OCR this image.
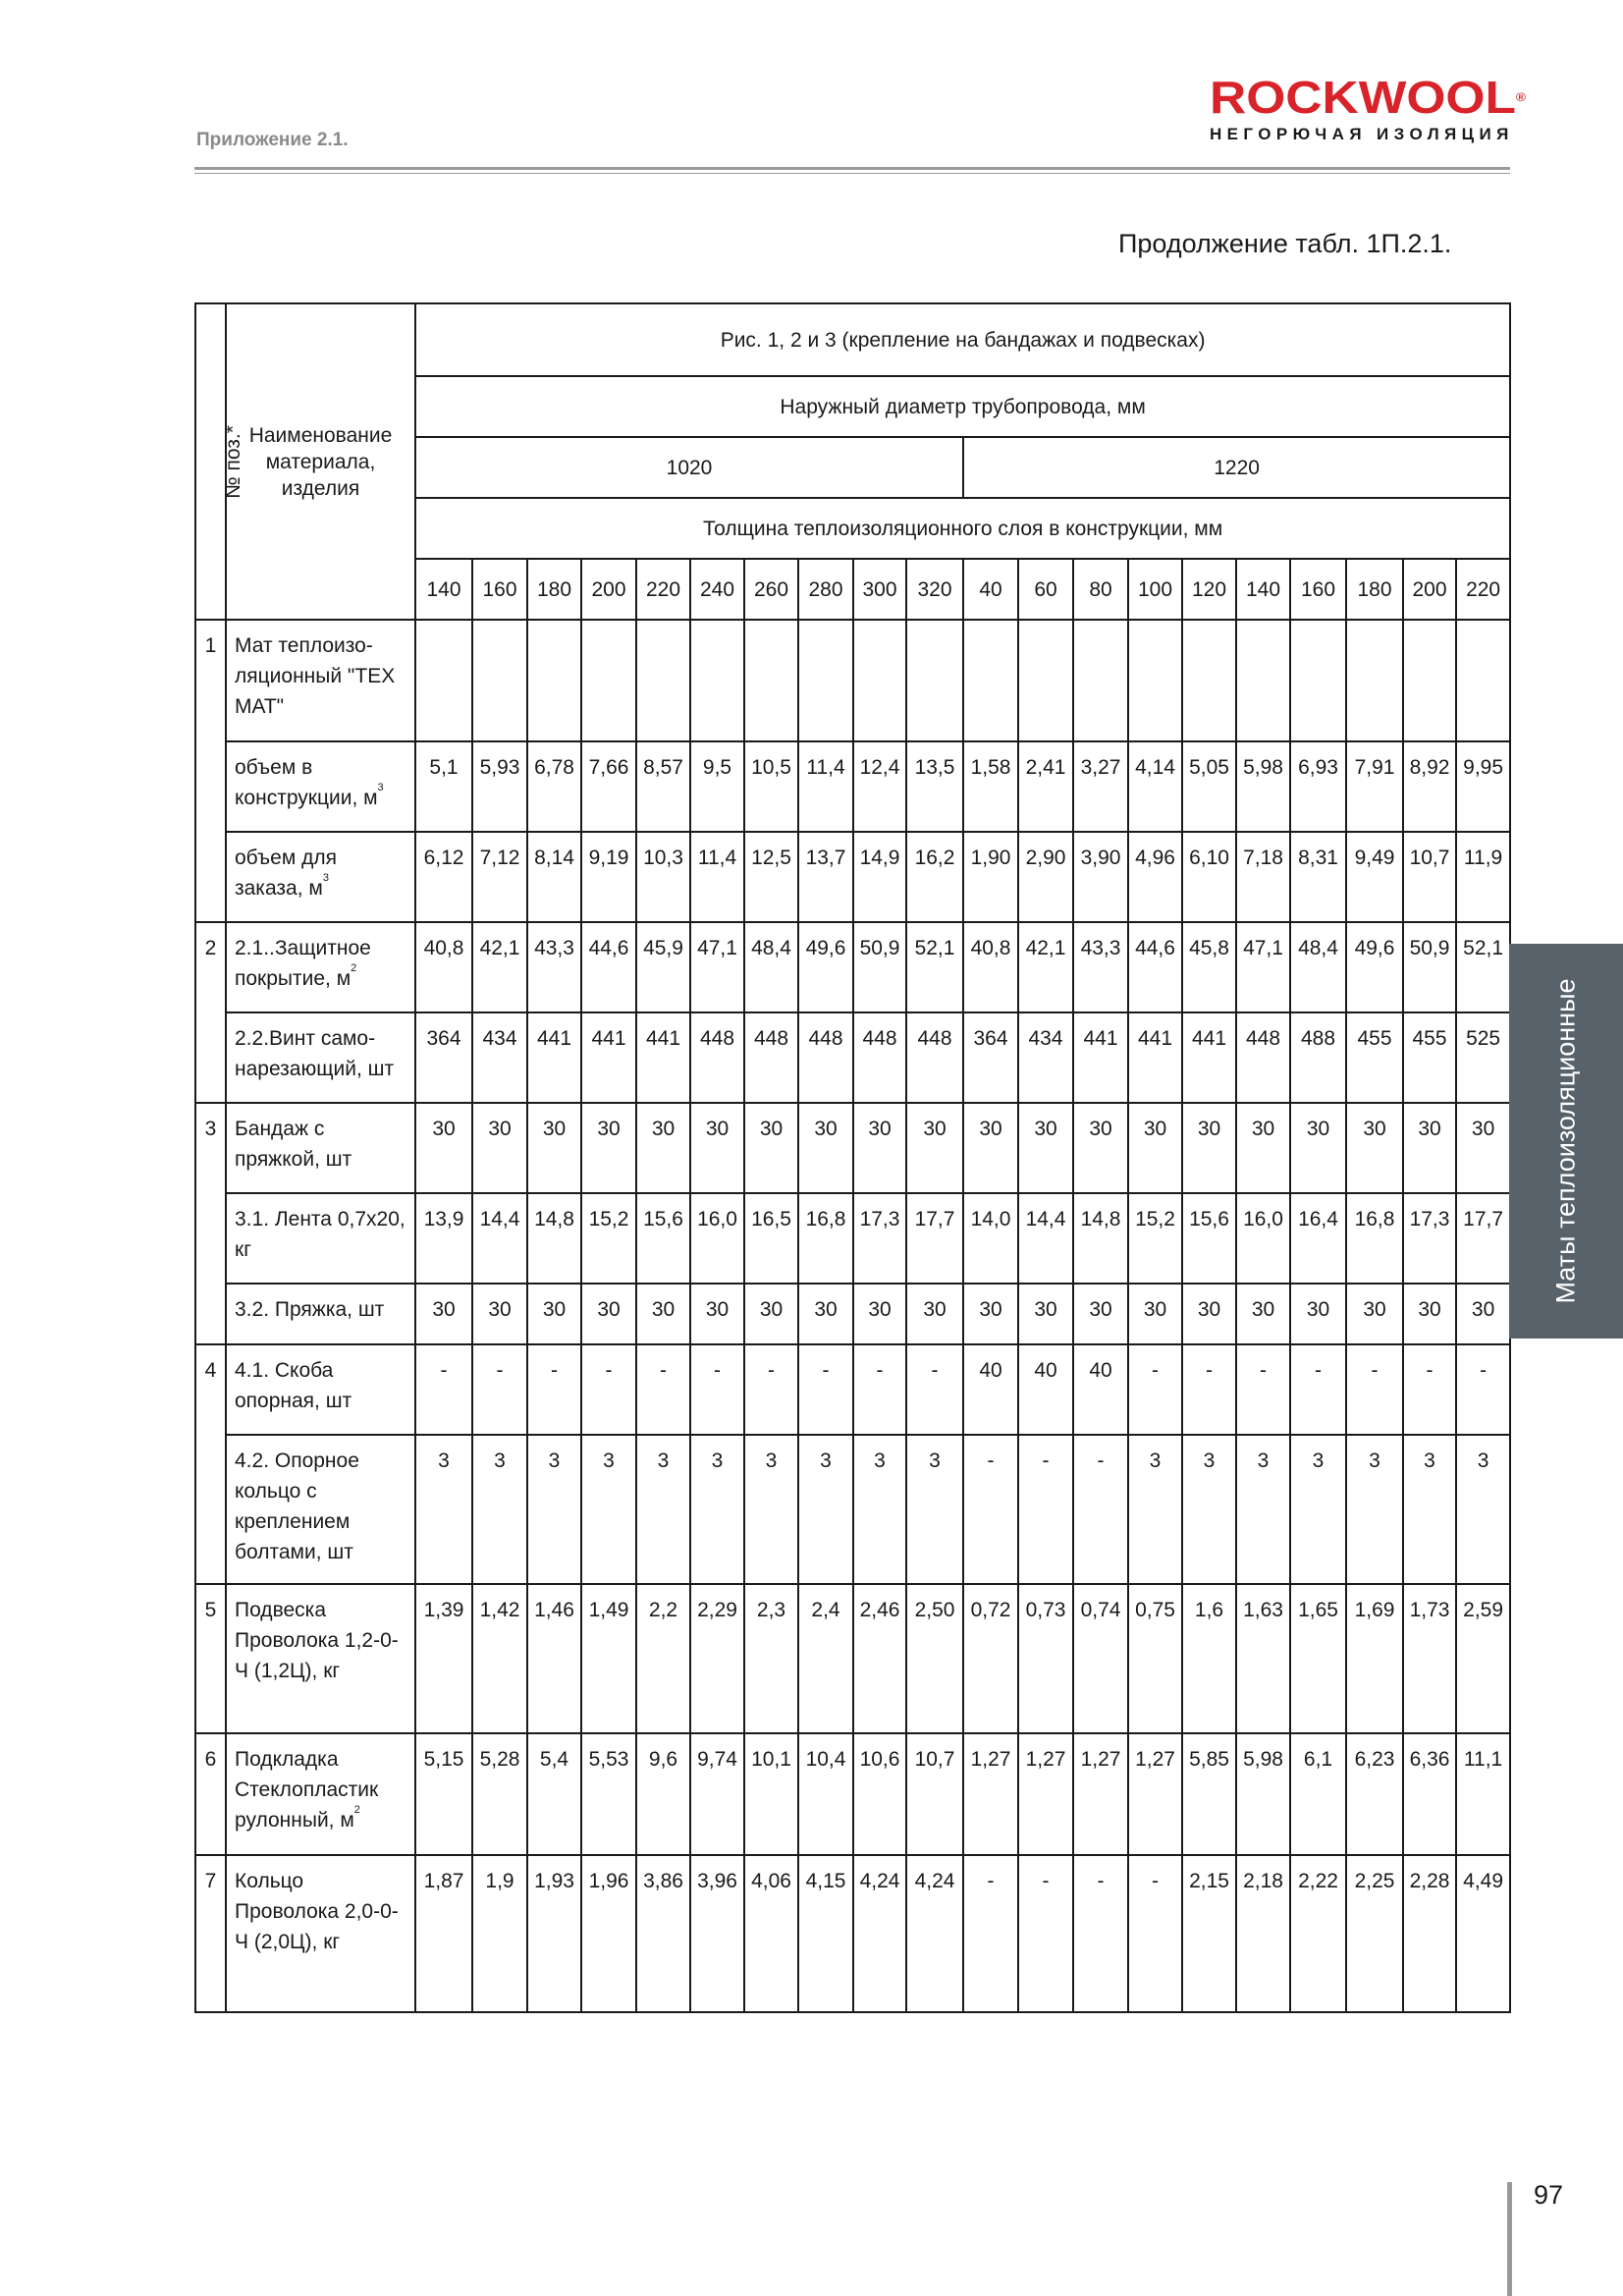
Приложение 2.1.
ROCKWOOL®
НЕГОРЮЧАЯ ИЗОЛЯЦИЯ
Продолжение табл. 1П.2.1.
№ поз.*	Наименование материала, изделия	Рис. 1, 2 и 3 (крепление на бандажах и подвесках)																			
		Наружный диаметр трубопровода, мм																			
		1020										1220									
		Толщина теплоизоляционного слоя в конструкции, мм																			
		140	160	180	200	220	240	260	280	300	320	40	60	80	100	120	140	160	180	200	220
1	Мат теплоизо-ляционный "ТЕХ МАТ"																				
	объем в конструкции, $м^3$	5,1	5,93	6,78	7,66	8,57	9,5	10,5	11,4	12,4	13,5	1,58	2,41	3,27	4,14	5,05	5,98	6,93	7,91	8,92	9,95
	объем для заказа, $м^3$	6,12	7,12	8,14	9,19	10,3	11,4	12,5	13,7	14,9	16,2	1,90	2,90	3,90	4,96	6,10	7,18	8,31	9,49	10,7	11,9
2	2.1..Защитное покрытие, $м^2$	40,8	42,1	43,3	44,6	45,9	47,1	48,4	49,6	50,9	52,1	40,8	42,1	43,3	44,6	45,8	47,1	48,4	49,6	50,9	52,1
	2.2.Винт само-нарезающий, шт	364	434	441	441	441	448	448	448	448	448	364	434	441	441	441	448	488	455	455	525
3	Бандаж с пряжкой, шт	30	30	30	30	30	30	30	30	30	30	30	30	30	30	30	30	30	30	30	30
	3.1. Лента 0,7х20, кг	13,9	14,4	14,8	15,2	15,6	16,0	16,5	16,8	17,3	17,7	14,0	14,4	14,8	15,2	15,6	16,0	16,4	16,8	17,3	17,7
	3.2. Пряжка, шт	30	30	30	30	30	30	30	30	30	30	30	30	30	30	30	30	30	30	30	30
4	4.1. Скоба опорная, шт	-	-	-	-	-	-	-	-	-	-	40	40	40	-	-	-	-	-	-	-
	4.2. Опорное кольцо с креплением болтами, шт	3	3	3	3	3	3	3	3	3	3	-	-	-	3	3	3	3	3	3	3
5	Подвеска Проволока 1,2-0-Ч (1,2Ц), кг	1,39	1,42	1,46	1,49	2,2	2,29	2,3	2,4	2,46	2,50	0,72	0,73	0,74	0,75	1,6	1,63	1,65	1,69	1,73	2,59
6	Подкладка Стеклопластик рулонный, $м^2$	5,15	5,28	5,4	5,53	9,6	9,74	10,1	10,4	10,6	10,7	1,27	1,27	1,27	1,27	5,85	5,98	6,1	6,23	6,36	11,1
7	Кольцо Проволока 2,0-0-Ч (2,0Ц), кг	1,87	1,9	1,93	1,96	3,86	3,96	4,06	4,15	4,24	4,24	-	-	-	-	2,15	2,18	2,22	2,25	2,28	4,49
Маты теплоизоляционные
97
